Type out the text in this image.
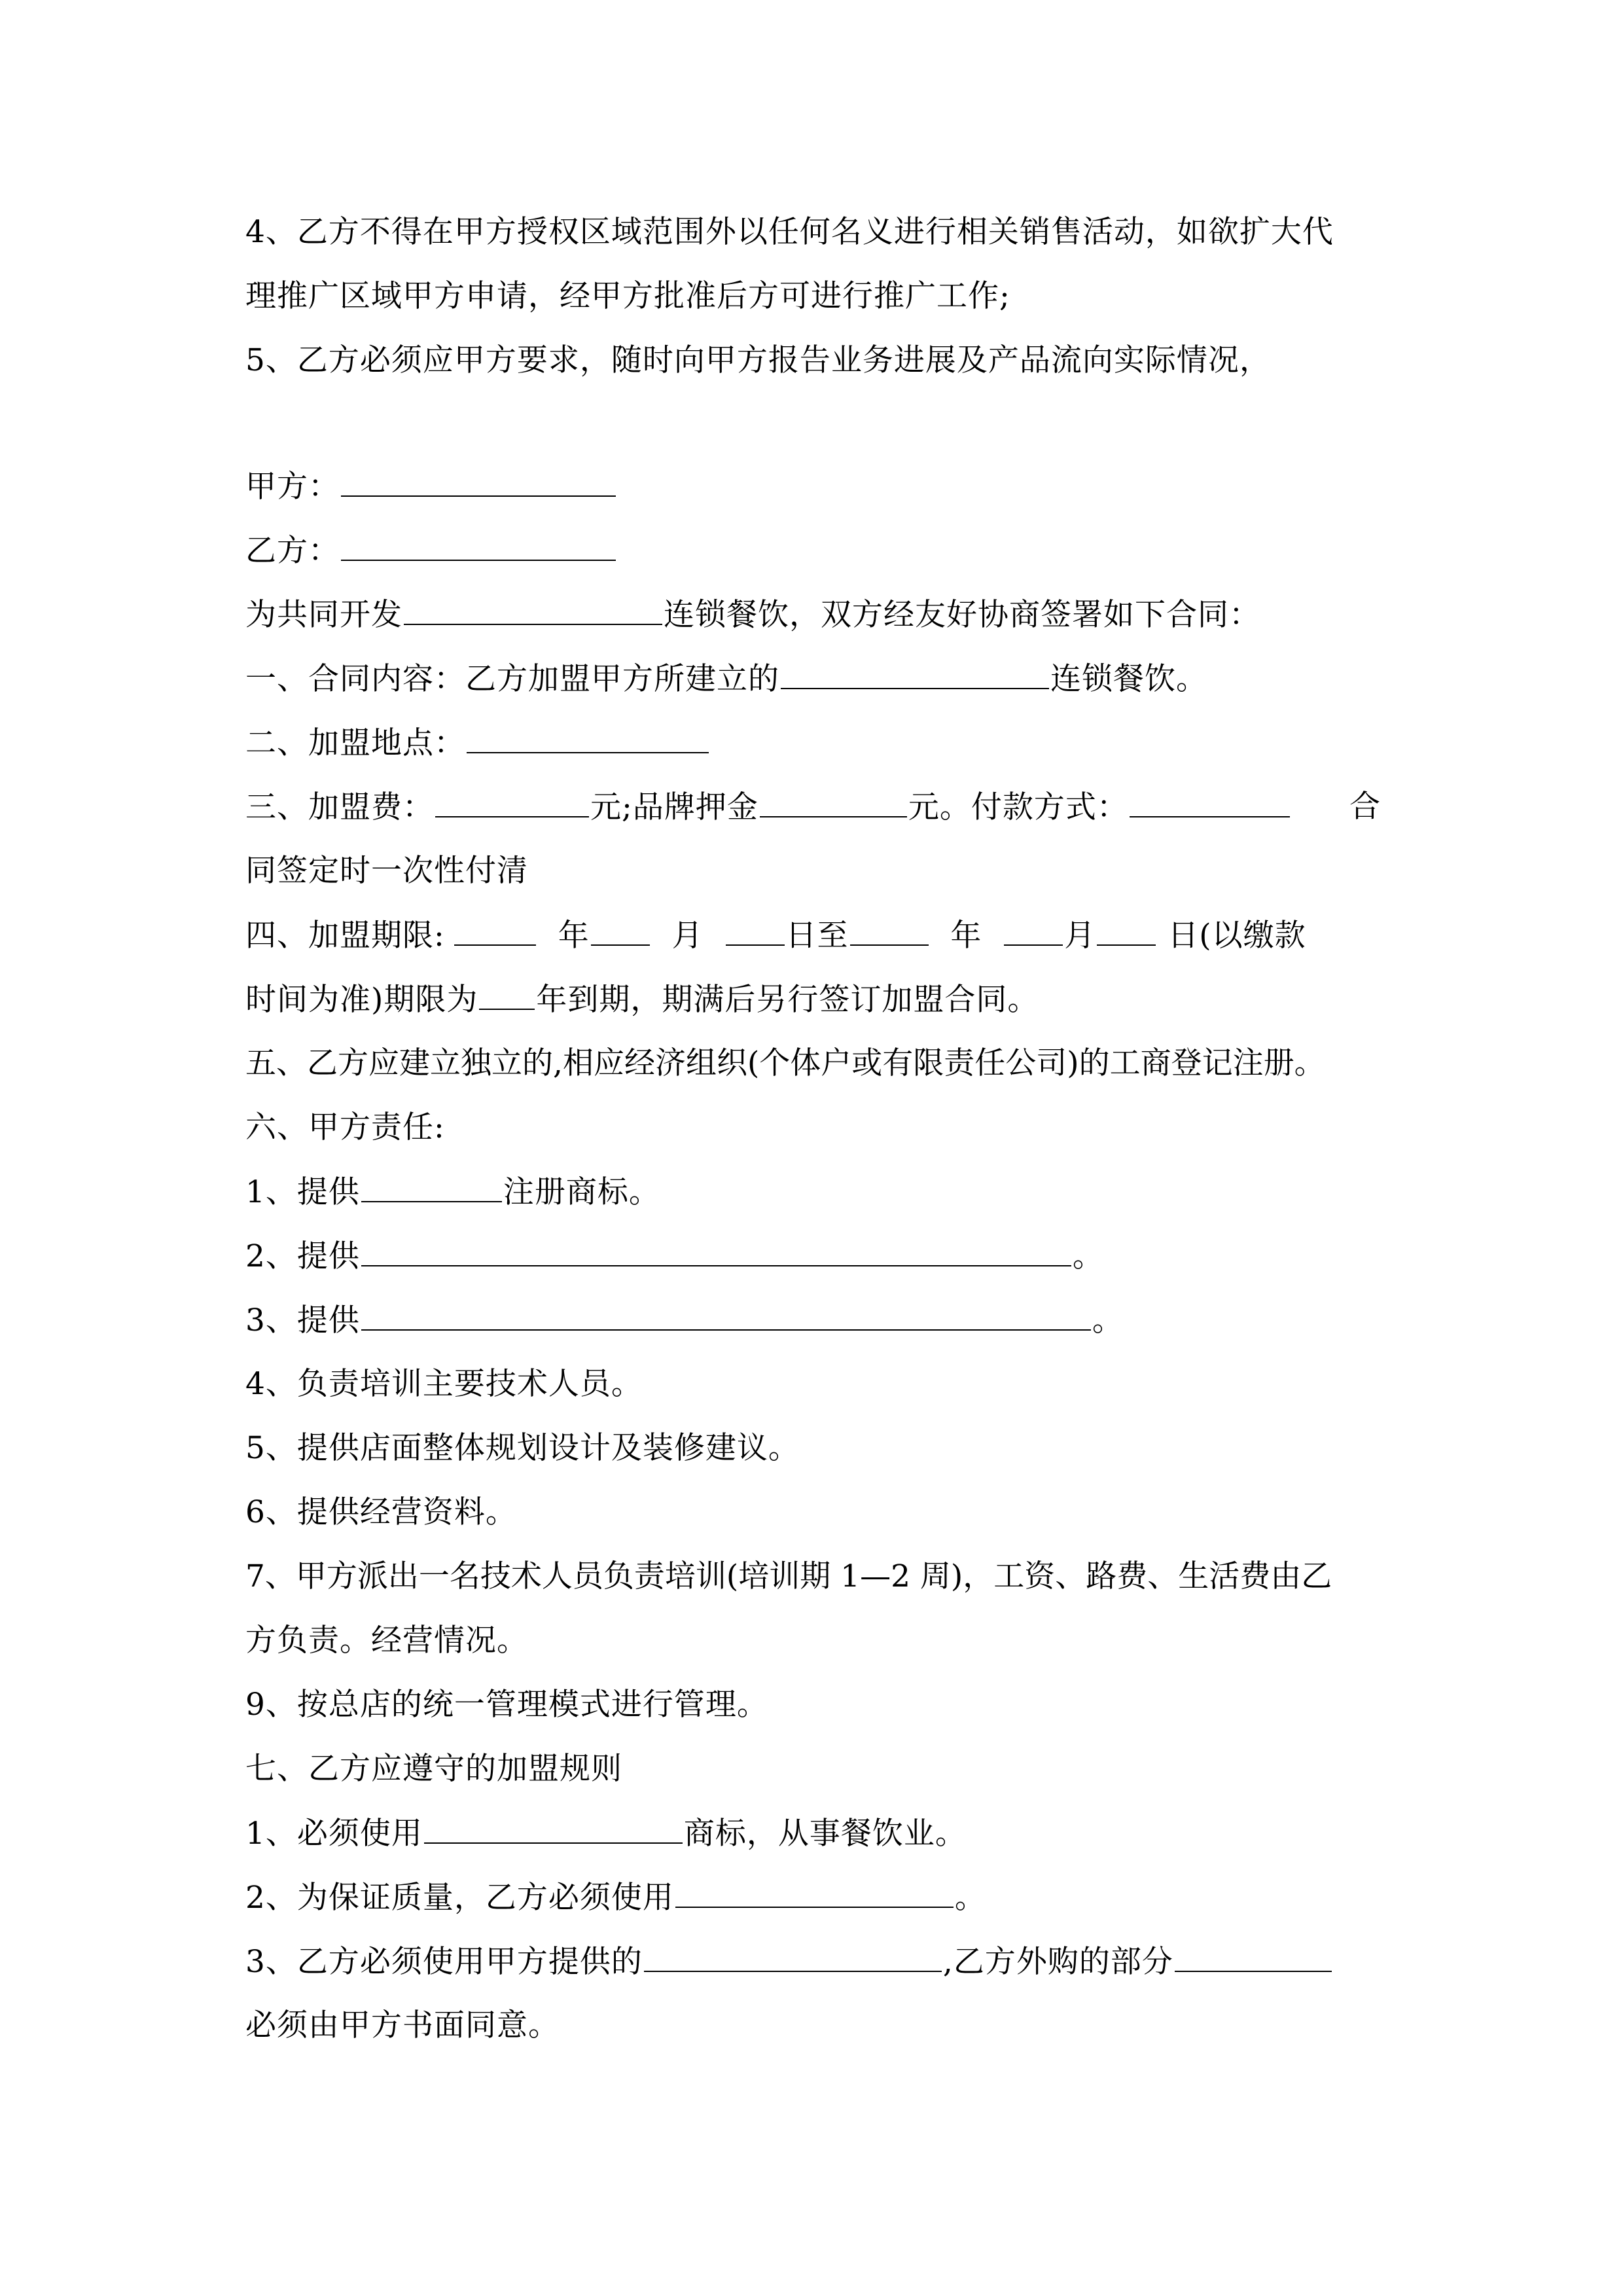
4、乙方不得在甲方授权区域范围外以任何名义进行相关销售活动，如欲扩大代
理推广区域甲方申请，经甲方批准后方可进行推广工作;
5、乙方必须应甲方要求，随时向甲方报告业务进展及产品流向实际情况，
甲方：
乙方：
为共同开发	连锁餐饮，双方经友好协商签署如下合同：
一、合同内容：乙方加盟甲方所建立的	连锁餐饮。
二、加盟地点：
三、加盟费：	元;品牌押金	元。付款方式：	合
同签定时一次性付清
四、加盟期限:	年	月	日至	年	月 日(以缴款
时间为准)期限为 年到期，期满后另行签订加盟合同。
五、乙方应建立独立的,相应经济组织(个体户或有限责任公司)的工商登记注册。
六、甲方责任:
1、提供	注册商标。
2、提供	。
3、提供	。
4、负责培训主要技术人员。
5、提供店面整体规划设计及装修建议。
6、提供经营资料。
7、甲方派出一名技术人员负责培训(培训期 1—2 周)，工资、路费、生活费由乙
方负责。经营情况。
9、按总店的统一管理模式进行管理。
七、乙方应遵守的加盟规则
1、必须使用	商标，从事餐饮业。
2、为保证质量，乙方必须使用	。
3、乙方必须使用甲方提供的	,乙方外购的部分
必须由甲方书面同意。
